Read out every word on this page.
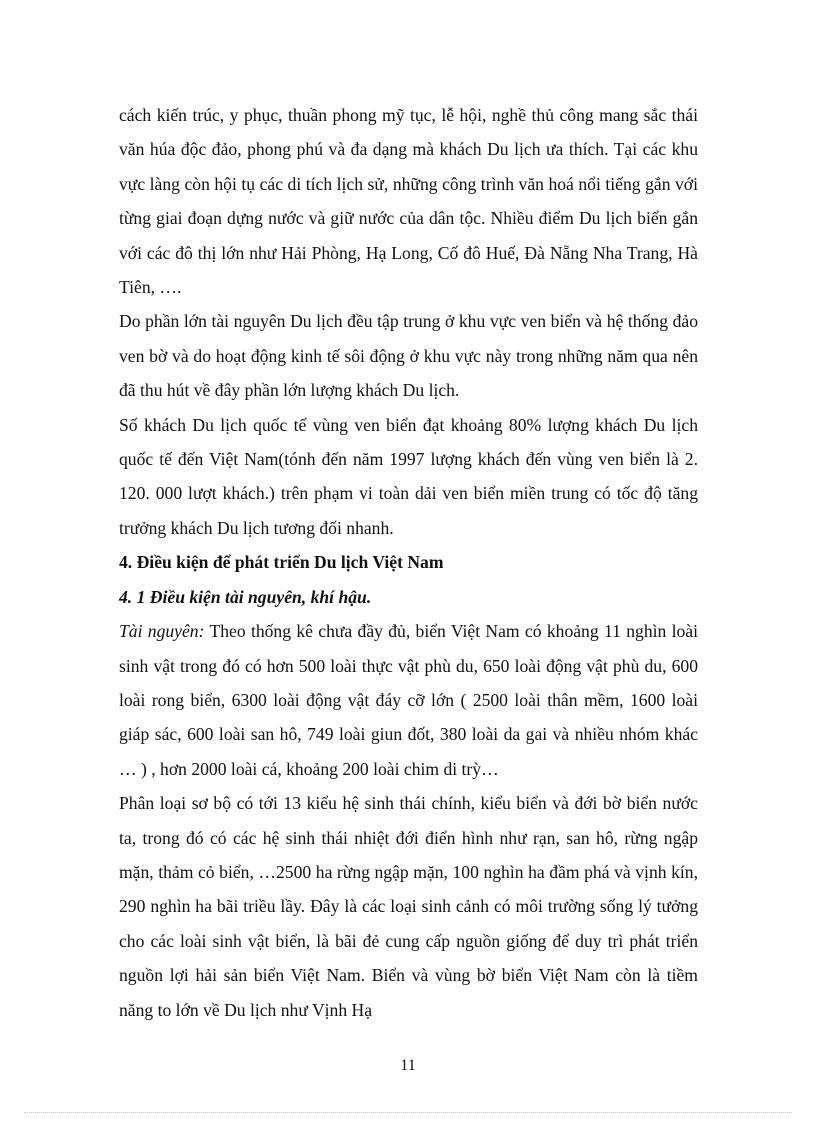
cách kiến trúc, y phục, thuần phong mỹ tục, lễ hội, nghề thủ công mang sắc thái văn húa độc đảo, phong phú và đa dạng mà khách Du lịch ưa thích. Tại các khu vực làng còn hội tụ các di tích lịch sử, những công trình văn hoá nổi tiếng gắn với từng giai đoạn dựng nước và giữ nước của dân tộc. Nhiều điểm Du lịch biển gắn với các đô thị lớn như Hải Phòng, Hạ Long, Cố đô Huế, Đà Nẵng Nha Trang, Hà Tiên, ….

Do phần lớn tài nguyên Du lịch đều tập trung ở khu vực ven biển và hệ thống đảo ven bờ và do hoạt động kinh tế sôi động ở khu vực này trong những năm qua nên đã thu hút về đây phần lớn lượng khách Du lịch.

Số khách Du lịch quốc tế vùng ven biển đạt khoảng 80% lượng khách Du lịch quốc tế đến Việt Nam(tónh đến năm 1997 lượng khách đến vùng ven biển là 2. 120. 000 lượt khách.) trên phạm vi toàn dải ven biển miền trung có tốc độ tăng trưởng khách Du lịch tương đối nhanh.

4. Điều kiện để phát triển Du lịch Việt Nam

4. 1 Điều kiện tài nguyên, khí hậu.

Tài nguyên: Theo thống kê chưa đầy đủ, biển Việt Nam có khoảng 11 nghìn loài sinh vật trong đó có hơn 500 loài thực vật phù du, 650 loài động vật phù du, 600 loài rong biển, 6300 loài động vật đáy cỡ lớn ( 2500 loài thân mềm, 1600 loài giáp sác, 600 loài san hô, 749 loài giun đốt, 380 loài da gai và nhiều nhóm khác … ) , hơn 2000 loài cá, khoảng 200 loài chim di trỳ…

Phân loại sơ bộ có tới 13 kiểu hệ sinh thái chính, kiểu biển và đới bờ biển nước ta, trong đó có các hệ sinh thái nhiệt đới điển hình như rạn, san hô, rừng ngập mặn, thảm cỏ biển, …2500 ha rừng ngập mặn, 100 nghìn ha đầm phá và vịnh kín, 290 nghìn ha bãi triều lầy. Đây là các loại sinh cảnh có môi trường sống lý tưởng cho các loài sinh vật biển, là bãi đẻ cung cấp nguồn giống để duy trì phát triển nguồn lợi hải sản biển Việt Nam. Biển và vùng bờ biển Việt Nam còn là tiềm năng to lớn về Du lịch như Vịnh Hạ

11
